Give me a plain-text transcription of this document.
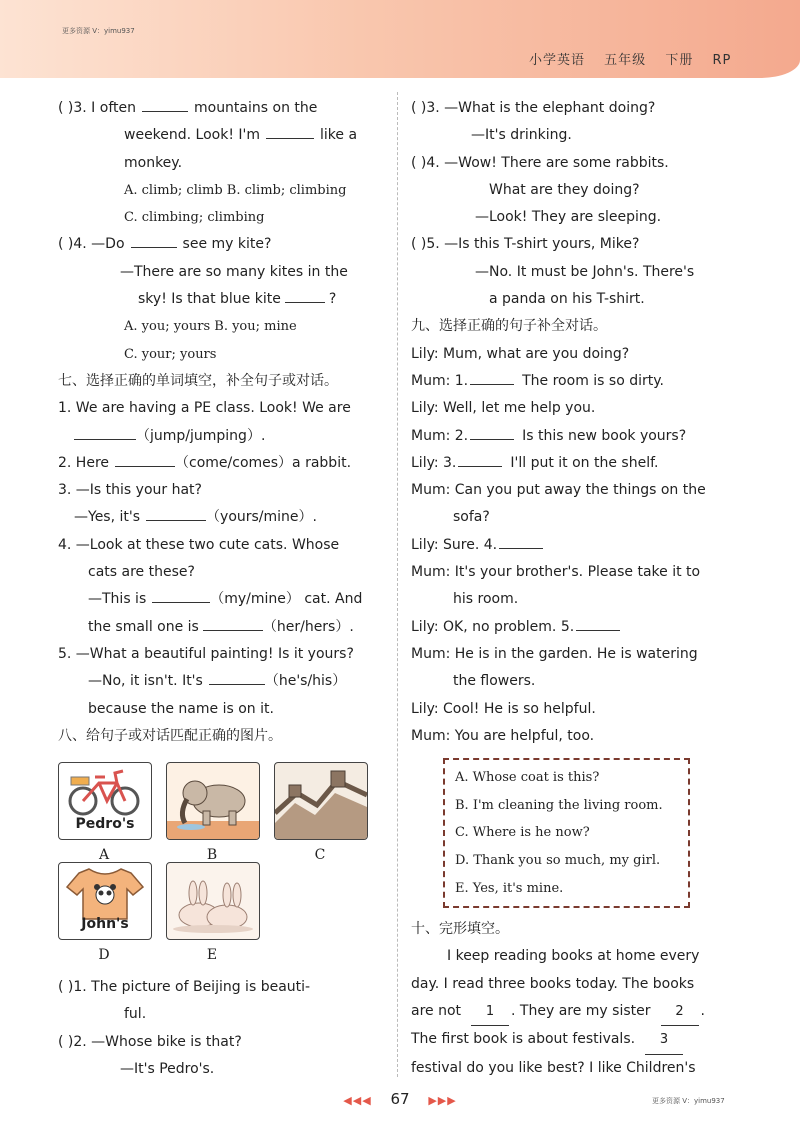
更多资源 V：yimu937
小学英语 五年级 下册 RP
( )3. I often	mountains on the
weekend. Look! I'm	like a
monkey.
A. climb; climb B. climb; climbing
C. climbing; climbing
( )4. —Do	see my kite?
—There are so many kites in the
sky! Is that blue kite	?
A. you; yours B. you; mine
C. your; yours
七、选择正确的单词填空，补全句子或对话。
1. We are having a PE class. Look! We are
（jump/jumping）.
2. Here	（come/comes）a rabbit.
3. —Is this your hat?
—Yes, it's	（yours/mine）.
4. —Look at these two cute cats. Whose
cats are these?
—This is	（my/mine） cat. And
the small one is	（her/hers）.
5. —What a beautiful painting! Is it yours?
—No, it isn't. It's	（he's/his）
because the name is on it.
八、给句子或对话匹配正确的图片。
Pedro's
John's
A	B	C
D	E
( )1. The picture of Beijing is beauti-
ful.
( )2. —Whose bike is that?
—It's Pedro's.
( )3. —What is the elephant doing?
—It's drinking.
( )4. —Wow! There are some rabbits.
What are they doing?
—Look! They are sleeping.
( )5. —Is this T-shirt yours, Mike?
—No. It must be John's. There's
a panda on his T-shirt.
九、选择正确的句子补全对话。
Lily: Mum, what are you doing?
Mum: 1.	The room is so dirty.
Lily: Well, let me help you.
Mum: 2.	Is this new book yours?
Lily: 3.	I'll put it on the shelf.
Mum: Can you put away the things on the
sofa?
Lily: Sure. 4.
Mum: It's your brother's. Please take it to
his room.
Lily: OK, no problem. 5.
Mum: He is in the garden. He is watering
the flowers.
Lily: Cool! He is so helpful.
Mum: You are helpful, too.
A. Whose coat is this?
B. I'm cleaning the living room.
C. Where is he now?
D. Thank you so much, my girl.
E. Yes, it's mine.
十、完形填空。
I keep reading books at home every
day. I read three books today. The books
are not 1 . They are my sister 2 .
The first book is about festivals. 3
festival do you like best? I like Children's
◀◀◀ 67 ▶▶▶	更多资源 V：yimu937
